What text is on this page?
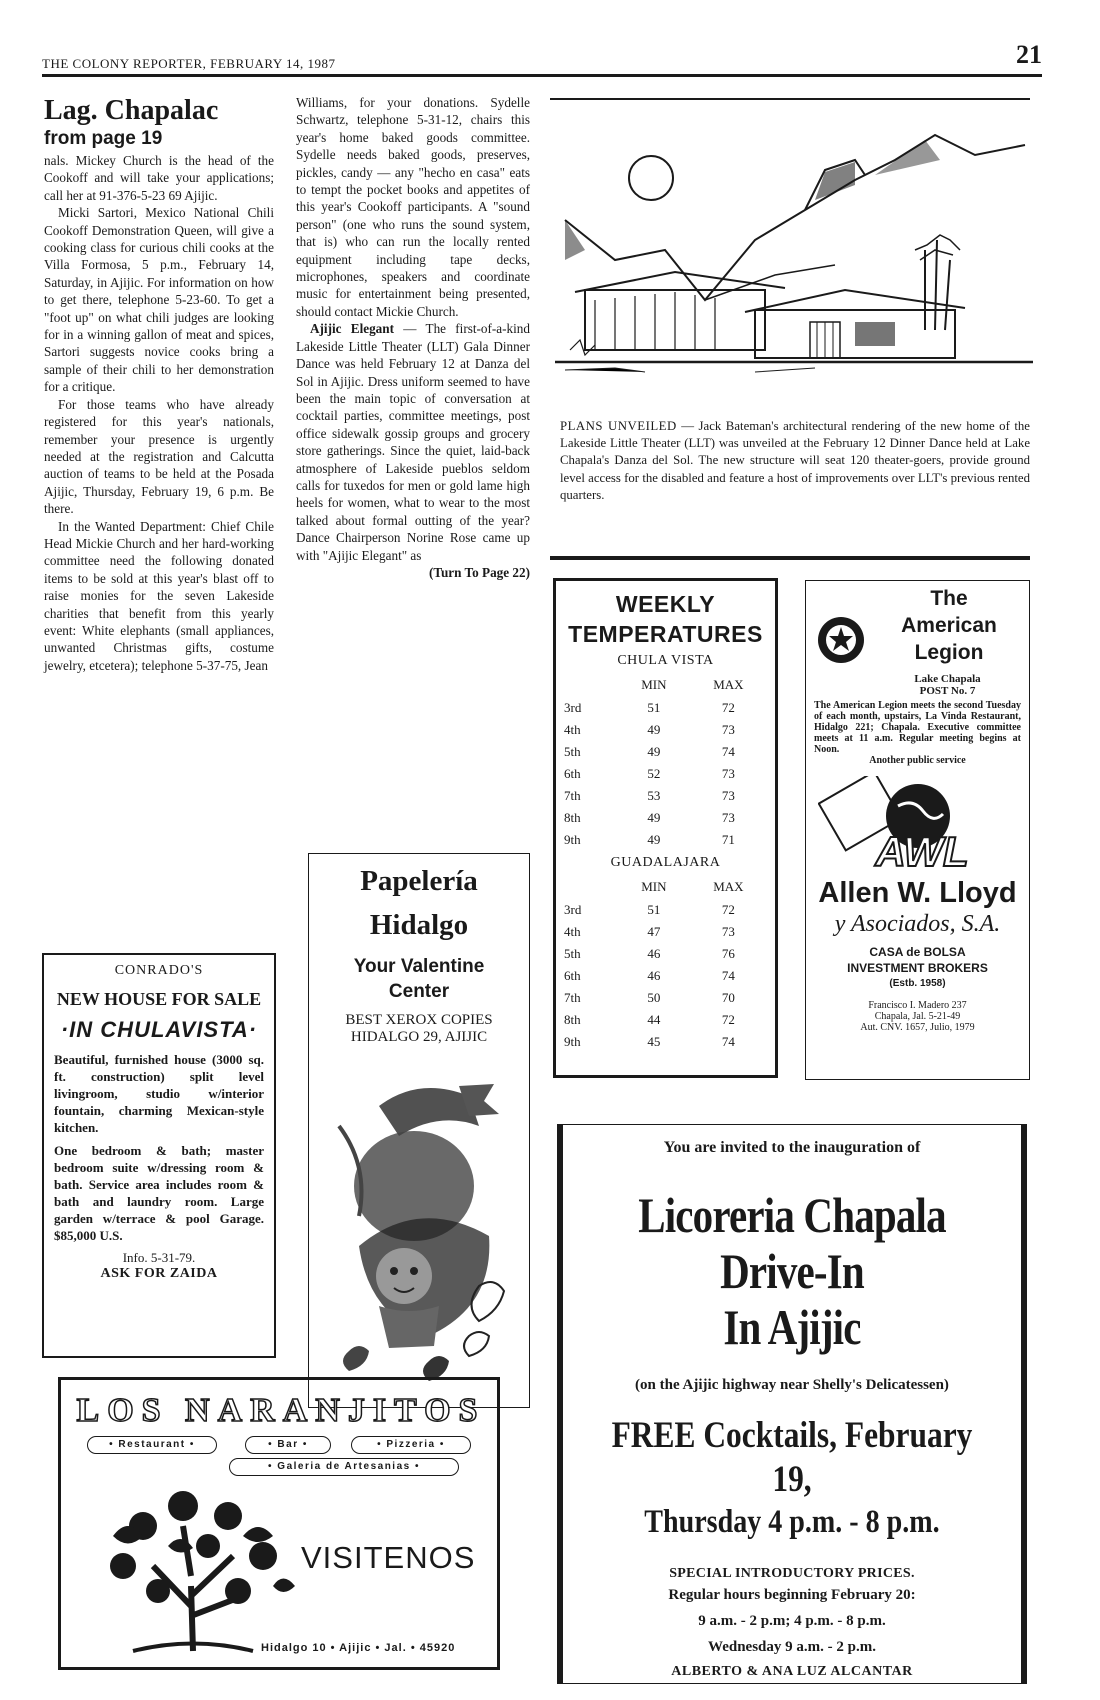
THE COLONY REPORTER, FEBRUARY 14, 1987	21
Lag. Chapalac
from page 19

nals. Mickey Church is the head of the Cookoff and will take your applications; call her at 91-376-5-23 69 Ajijic.

Micki Sartori, Mexico National Chili Cookoff Demonstration Queen, will give a cooking class for curious chili cooks at the Villa Formosa, 5 p.m., February 14, Saturday, in Ajijic. For information on how to get there, telephone 5-23-60. To get a "foot up" on what chili judges are looking for in a winning gallon of meat and spices, Sartori suggests novice cooks bring a sample of their chili to her demonstration for a critique.

For those teams who have already registered for this year's nationals, remember your presence is urgently needed at the registration and Calcutta auction of teams to be held at the Posada Ajijic, Thursday, February 19, 6 p.m. Be there.

In the Wanted Department: Chief Chile Head Mickie Church and her hard-working committee need the following donated items to be sold at this year's blast off to raise monies for the seven Lakeside charities that benefit from this yearly event: White elephants (small appliances, unwanted Christmas gifts, costume jewelry, etcetera); telephone 5-37-75, Jean

Williams, for your donations. Sydelle Schwartz, telephone 5-31-12, chairs this year's home baked goods committee. Sydelle needs baked goods, preserves, pickles, candy — any "hecho en casa" eats to tempt the pocket books and appetites of this year's Cookoff participants. A "sound person" (one who runs the sound system, that is) who can run the locally rented equipment including tape decks, microphones, speakers and coordinate music for entertainment being presented, should contact Mickie Church.

Ajijic Elegant — The first-of-a-kind Lakeside Little Theater (LLT) Gala Dinner Dance was held February 12 at Danza del Sol in Ajijic. Dress uniform seemed to have been the main topic of conversation at cocktail parties, committee meetings, post office sidewalk gossip groups and grocery store gatherings. Since the quiet, laid-back atmosphere of Lakeside pueblos seldom calls for tuxedos for men or gold lame high heels for women, what to wear to the most talked about formal outting of the year? Dance Chairperson Norine Rose came up with "Ajijic Elegant" as

(Turn To Page 22)

PLANS UNVEILED — Jack Bateman's architectural rendering of the new home of the Lakeside Little Theater (LLT) was unveiled at the February 12 Dinner Dance held at Lake Chapala's Danza del Sol. The new structure will seat 120 theater-goers, provide ground level access for the disabled and feature a host of improvements over LLT's previous rented quarters.
CONRADO'S
NEW HOUSE FOR SALE
·IN CHULAVISTA·
Beautiful, furnished house (3000 sq. ft. construction) split level livingroom, studio w/interior fountain, charming Mexican-style kitchen.
One bedroom & bath; master bedroom suite w/dressing room & bath. Service area includes room & bath and laundry room. Large garden w/terrace & pool Garage. $85,000 U.S.
Info. 5-31-79.
ASK FOR ZAIDA
Papelería
Hidalgo
Your Valentine
Center
BEST XEROX COPIES
HIDALGO 29, AJIJIC
WEEKLY
TEMPERATURES
CHULA VISTA
	MIN	MAX
3rd	51	72
4th	49	73
5th	49	74
6th	52	73
7th	53	73
8th	49	73
9th	49	71
GUADALAJARA
	MIN	MAX
3rd	51	72
4th	47	73
5th	46	76
6th	46	74
7th	50	70
8th	44	72
9th	45	74
The
American
Legion
Lake Chapala
POST No. 7
The American Legion meets the second Tuesday of each month, upstairs, La Vinda Restaurant, Hidalgo 221; Chapala. Executive committee meets at 11 a.m. Regular meeting begins at Noon.
Another public service
AWL
Allen W. Lloyd
y Asociados, S.A.
CASA de BOLSA
INVESTMENT BROKERS
(Estb. 1958)
Francisco I. Madero 237
Chapala, Jal. 5-21-49
Aut. CNV. 1657, Julio, 1979
LOS NARANJITOS
• Restaurant •	• Bar •	• Pizzeria •
• Galeria de Artesanias •
VISITENOS
Hidalgo 10 • Ajijic • Jal. • 45920
You are invited to the inauguration of
Licoreria Chapala Drive-In
In Ajijic
(on the Ajijic highway near Shelly's Delicatessen)
FREE Cocktails, February 19,
Thursday 4 p.m. - 8 p.m.
SPECIAL INTRODUCTORY PRICES.
Regular hours beginning February 20:
9 a.m. - 2 p.m; 4 p.m. - 8 p.m.
Wednesday 9 a.m. - 2 p.m.
ALBERTO & ANA LUZ ALCANTAR
